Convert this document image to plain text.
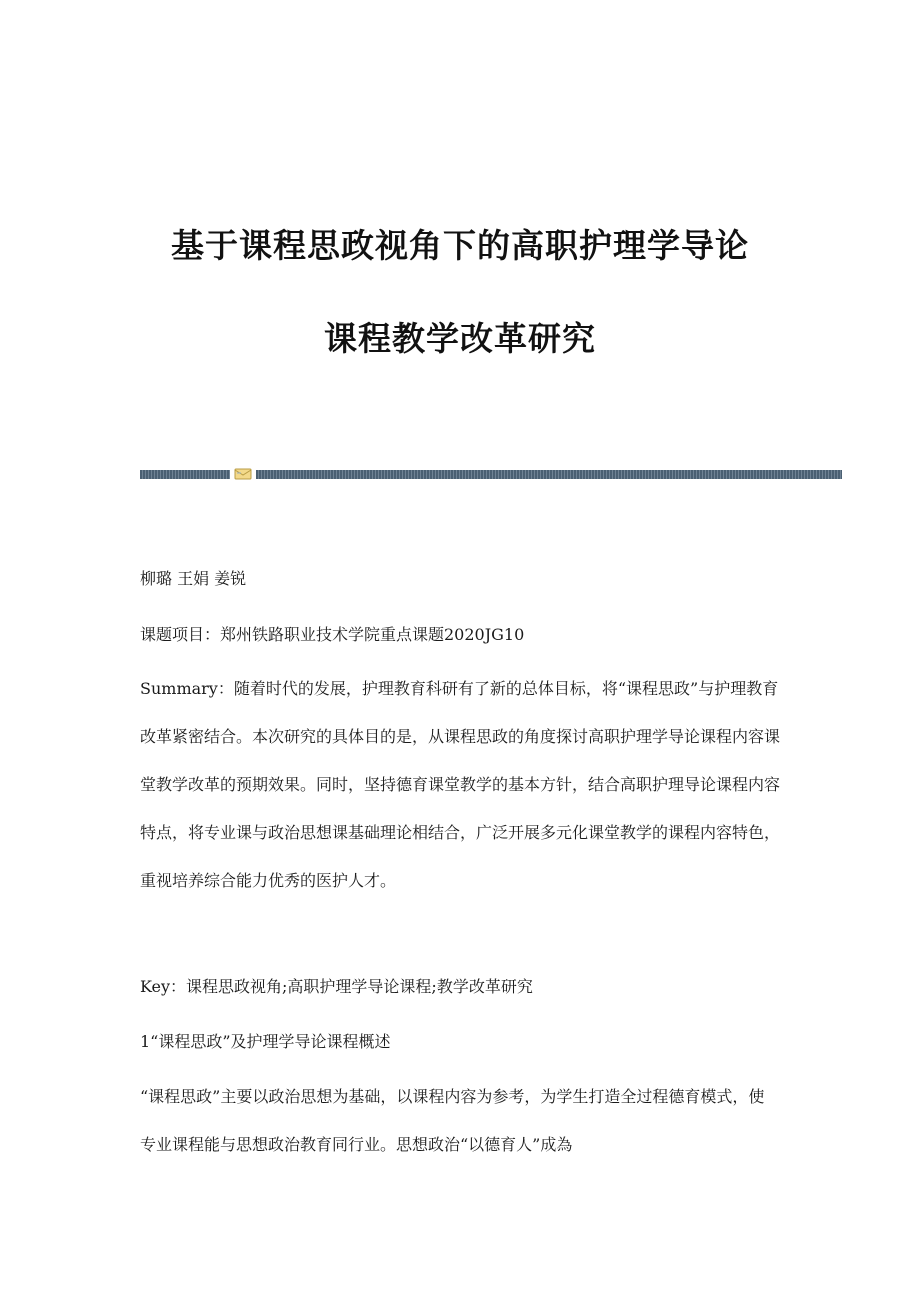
基于课程思政视角下的高职护理学导论
课程教学改革研究

柳璐 王娟 姜锐

课题项目：郑州铁路职业技术学院重点课题2020JG10

Summary：随着时代的发展，护理教育科研有了新的总体目标，将“课程思政”与护理教育改革紧密结合。本次研究的具体目的是，从课程思政的角度探讨高职护理学导论课程内容课堂教学改革的预期效果。同时，坚持德育课堂教学的基本方针，结合高职护理导论课程内容特点，将专业课与政治思想课基础理论相结合，广泛开展多元化课堂教学的课程内容特色，重视培养综合能力优秀的医护人才。

Key：课程思政视角;高职护理学导论课程;教学改革研究

1“课程思政”及护理学导论课程概述

“课程思政”主要以政治思想为基础，以课程内容为参考，为学生打造全过程德育模式，使专业课程能与思想政治教育同行业。思想政治“以德育人”成為
